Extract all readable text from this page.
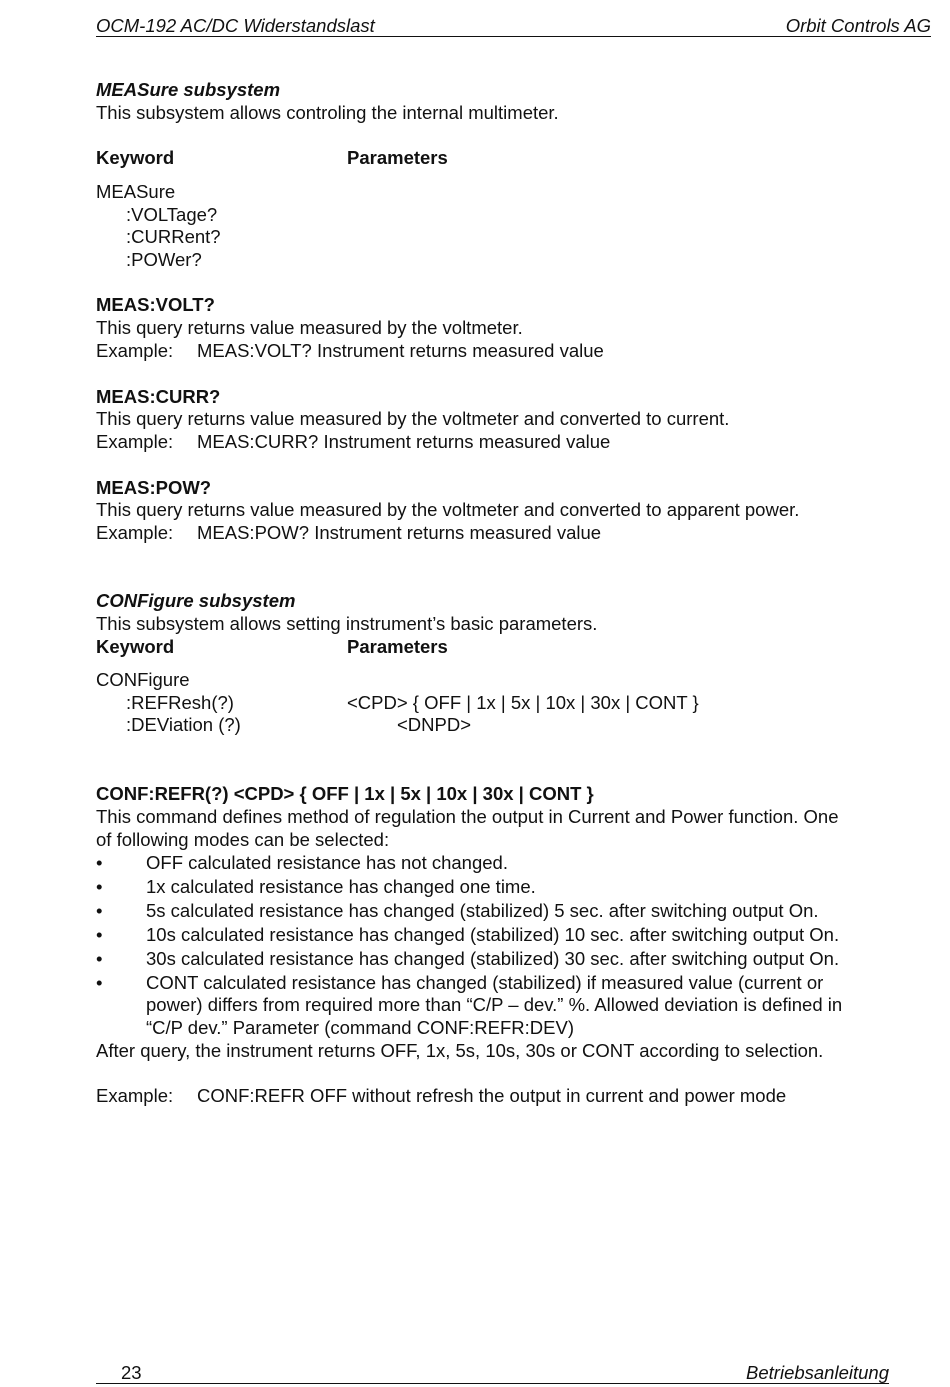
OCM-192 AC/DC Widerstandslast	Orbit Controls AG
MEASure subsystem
This subsystem allows controling the internal multimeter.
Keyword	Parameters
MEASure
:VOLTage?
:CURRent?
:POWer?
MEAS:VOLT?
This query returns value measured by the voltmeter.
Example: MEAS:VOLT? Instrument returns measured value
MEAS:CURR?
This query returns value measured by the voltmeter and converted to current.
Example: MEAS:CURR? Instrument returns measured value
MEAS:POW?
This query returns value measured by the voltmeter and converted to apparent power.
Example: MEAS:POW? Instrument returns measured value
CONFigure subsystem
This subsystem allows setting instrument’s basic parameters.
Keyword	Parameters
CONFigure
:REFResh(?)	<CPD> { OFF | 1x | 5x | 10x | 30x | CONT }
:DEViation (?)	<DNPD>
CONF:REFR(?) <CPD> { OFF | 1x | 5x | 10x | 30x | CONT }
This command defines method of regulation the output in Current and Power function. One
of following modes can be selected:
• OFF calculated resistance has not changed.
• 1x calculated resistance has changed one time.
• 5s calculated resistance has changed (stabilized) 5 sec. after switching output On.
• 10s calculated resistance has changed (stabilized) 10 sec. after switching output On.
• 30s calculated resistance has changed (stabilized) 30 sec. after switching output On.
• CONT calculated resistance has changed (stabilized) if measured value (current or
power) differs from required more than “C/P – dev.” %. Allowed deviation is defined in
“C/P dev.” Parameter (command CONF:REFR:DEV)
After query, the instrument returns OFF, 1x, 5s, 10s, 30s or CONT according to selection.
Example: CONF:REFR OFF without refresh the output in current and power mode
23	Betriebsanleitung
